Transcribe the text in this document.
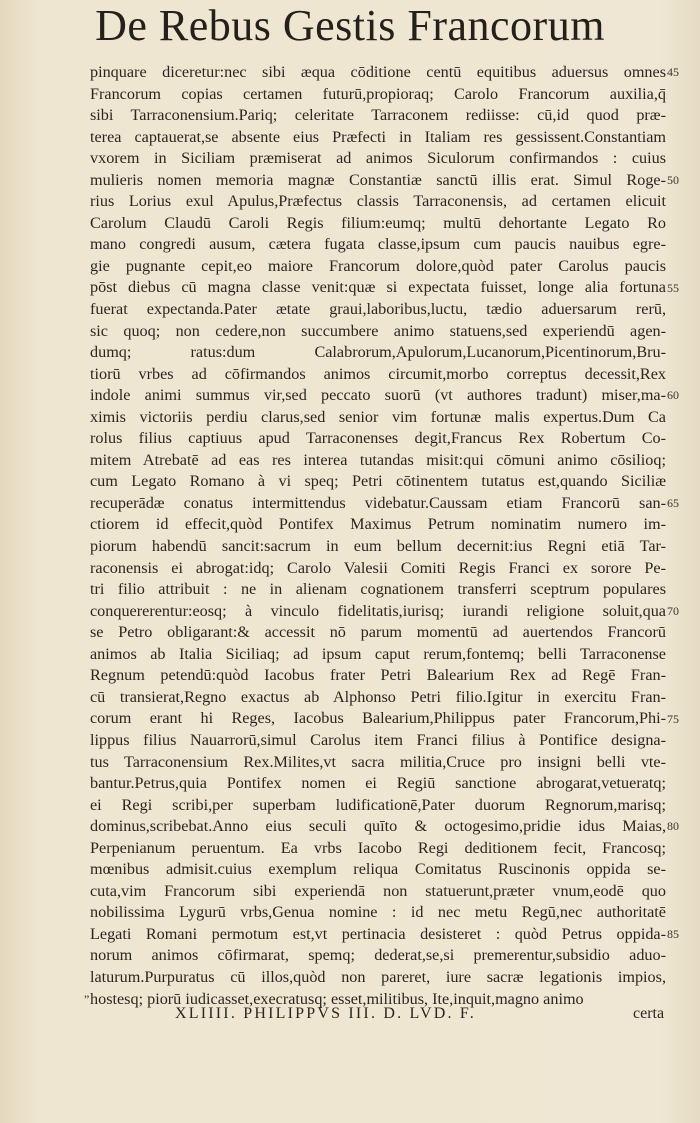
De Rebus Gestis Francorum
pinquare diceretur:nec sibi æqua cōditione centū equitibus aduersus omnes
Francorum copias certamen futurū,propioraq; Carolo Francorum auxilia,q̄
sibi Tarraconensium.Pariq; celeritate Tarraconem rediisse: cū,id quod præ-
terea captauerat,se absente eius Præfecti in Italiam res gessissent.Constantiam
vxorem in Siciliam præmiserat ad animos Siculorum confirmandos : cuius
mulieris nomen memoria magnæ Constantiæ sanctū illis erat. Simul Roge-
rius Lorius exul Apulus,Præfectus classis Tarraconensis, ad certamen elicuit
Carolum Claudū Caroli Regis filium:eumq; multū dehortante Legato Ro
mano congredi ausum, cætera fugata classe,ipsum cum paucis nauibus egre-
gie pugnante cepit,eo maiore Francorum dolore,quòd pater Carolus paucis
pōst diebus cū magna classe venit:quæ si expectata fuisset, longe alia fortuna
fuerat expectanda.Pater ætate graui,laboribus,luctu, tædio aduersarum rerū,
sic quoq; non cedere,non succumbere animo statuens,sed experiendū agen-
dumq; ratus:dum Calabrorum,Apulorum,Lucanorum,Picentinorum,Bru-
tiorū vrbes ad cōfirmandos animos circumit,morbo correptus decessit,Rex
indole animi summus vir,sed peccato suorū (vt authores tradunt) miser,ma-
ximis victoriis perdiu clarus,sed senior vim fortunæ malis expertus.Dum Ca
rolus filius captiuus apud Tarraconenses degit,Francus Rex Robertum Co-
mitem Atrebatē ad eas res interea tutandas misit:qui cōmuni animo cōsilioq;
cum Legato Romano à vi speq; Petri cōtinentem tutatus est,quando Siciliæ
recuperādæ conatus intermittendus videbatur.Caussam etiam Francorū san-
ctiorem id effecit,quòd Pontifex Maximus Petrum nominatim numero im-
piorum habendū sancit:sacrum in eum bellum decernit:ius Regni etiā Tar-
raconensis ei abrogat:idq; Carolo Valesii Comiti Regis Franci ex sorore Pe-
tri filio attribuit : ne in alienam cognationem transferri sceptrum populares
conquererentur:eosq; à vinculo fidelitatis,iurisq; iurandi religione soluit,qua
se Petro obligarant:& accessit nō parum momentū ad auertendos Francorū
animos ab Italia Siciliaq; ad ipsum caput rerum,fontemq; belli Tarraconense
Regnum petendū:quòd Iacobus frater Petri Balearium Rex ad Regē Fran-
cū transierat,Regno exactus ab Alphonso Petri filio.Igitur in exercitu Fran-
corum erant hi Reges, Iacobus Balearium,Philippus pater Francorum,Phi-
lippus filius Nauarrorū,simul Carolus item Franci filius à Pontifice designa-
tus Tarraconensium Rex.Milites,vt sacra militia,Cruce pro insigni belli vte-
bantur.Petrus,quia Pontifex nomen ei Regiū sanctione abrogarat,vetueratq;
ei Regi scribi,per superbam ludificationē,Pater duorum Regnorum,marisq;
dominus,scribebat.Anno eius seculi quīto & octogesimo,pridie idus Maias,
Perpenianum peruentum. Ea vrbs Iacobo Regi deditionem fecit, Francosq;
mœnibus admisit.cuius exemplum reliqua Comitatus Ruscinonis oppida se-
cuta,vim Francorum sibi experiendā non statuerunt,præter vnum,eodē quo
nobilissima Lygurū vrbs,Genua nomine : id nec metu Regū,nec authoritatē
Legati Romani permotum est,vt pertinacia desisteret : quòd Petrus oppida-
norum animos cōfirmarat, spemq; dederat,se,si premerentur,subsidio aduo-
laturum.Purpuratus cū illos,quòd non pareret, iure sacræ legationis impios,
hostesq; piorū iudicasset,execratusq; esset,militibus, Ite,inquit,magno animo
XLIIII. PHILIPPVS III. D. LVD. F.	certa
45
50
55
60
65
70
75
80
85
”
